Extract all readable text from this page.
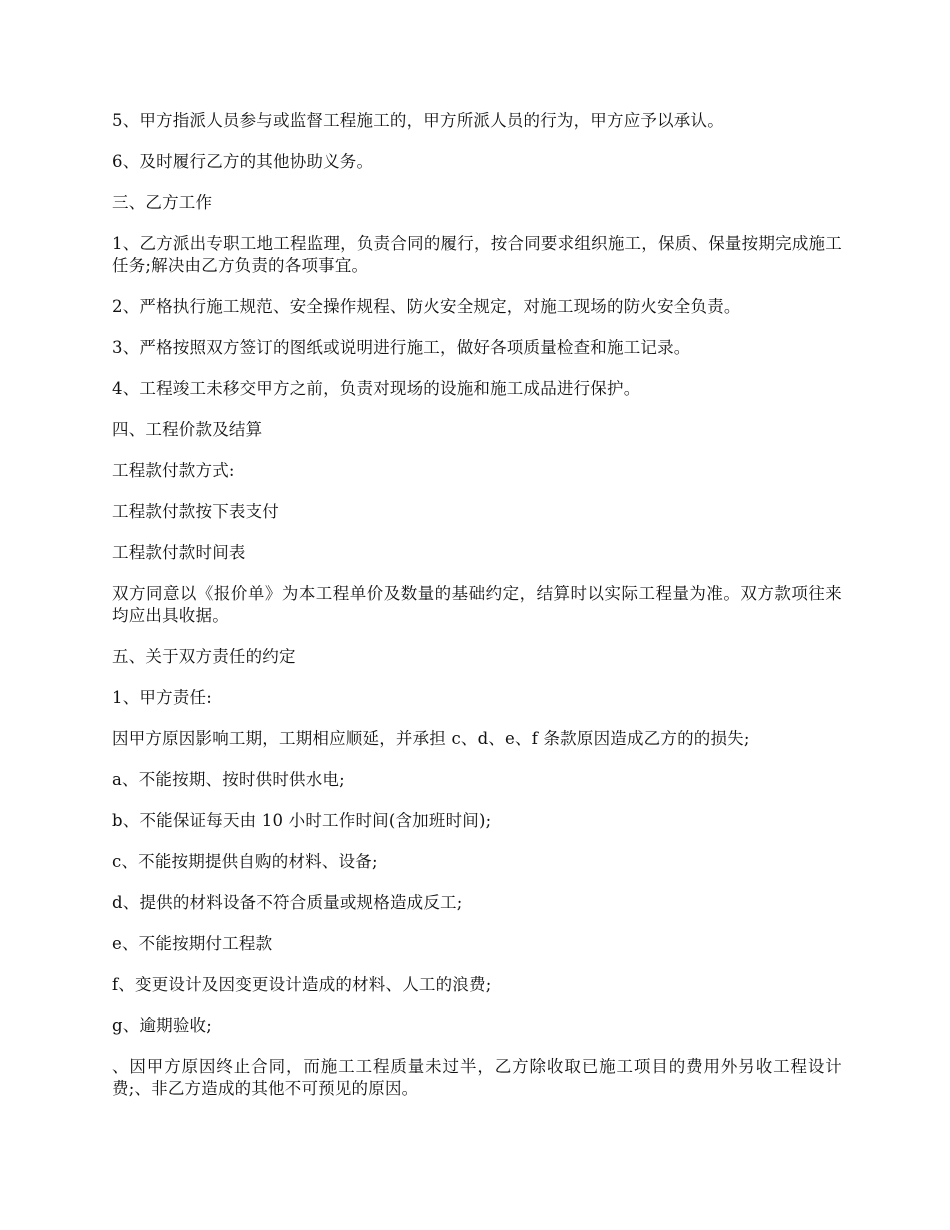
5、甲方指派人员参与或监督工程施工的，甲方所派人员的行为，甲方应予以承认。

6、及时履行乙方的其他协助义务。

三、乙方工作

1、乙方派出专职工地工程监理，负责合同的履行，按合同要求组织施工，保质、保量按期完成施工任务;解决由乙方负责的各项事宜。

2、严格执行施工规范、安全操作规程、防火安全规定，对施工现场的防火安全负责。

3、严格按照双方签订的图纸或说明进行施工，做好各项质量检查和施工记录。

4、工程竣工未移交甲方之前，负责对现场的设施和施工成品进行保护。

四、工程价款及结算

工程款付款方式:

工程款付款按下表支付

工程款付款时间表

双方同意以《报价单》为本工程单价及数量的基础约定，结算时以实际工程量为准。双方款项往来均应出具收据。

五、关于双方责任的约定

1、甲方责任:

因甲方原因影响工期，工期相应顺延，并承担 c、d、e、f 条款原因造成乙方的的损失;

a、不能按期、按时供时供水电;

b、不能保证每天由 10 小时工作时间(含加班时间);

c、不能按期提供自购的材料、设备;

d、提供的材料设备不符合质量或规格造成反工;

e、不能按期付工程款

f、变更设计及因变更设计造成的材料、人工的浪费;

g、逾期验收;

、因甲方原因终止合同，而施工工程质量未过半，乙方除收取已施工项目的费用外另收工程设计费;、非乙方造成的其他不可预见的原因。
